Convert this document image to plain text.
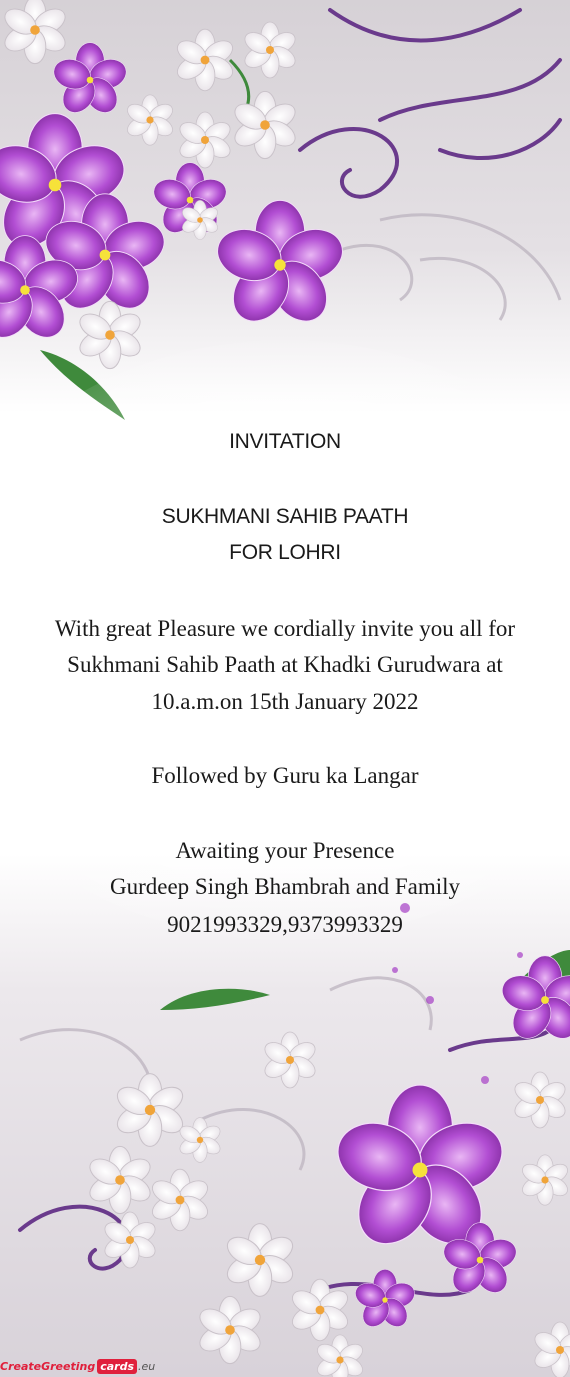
INVITATION
SUKHMANI SAHIB PAATH
FOR LOHRI
With great Pleasure we cordially invite you all for
Sukhmani Sahib Paath at Khadki Gurudwara at
10.a.m.on 15th January 2022
Followed by Guru ka Langar
Awaiting your Presence
Gurdeep Singh Bhambrah and Family
9021993329,9373993329
CreateGreeting cards .eu
